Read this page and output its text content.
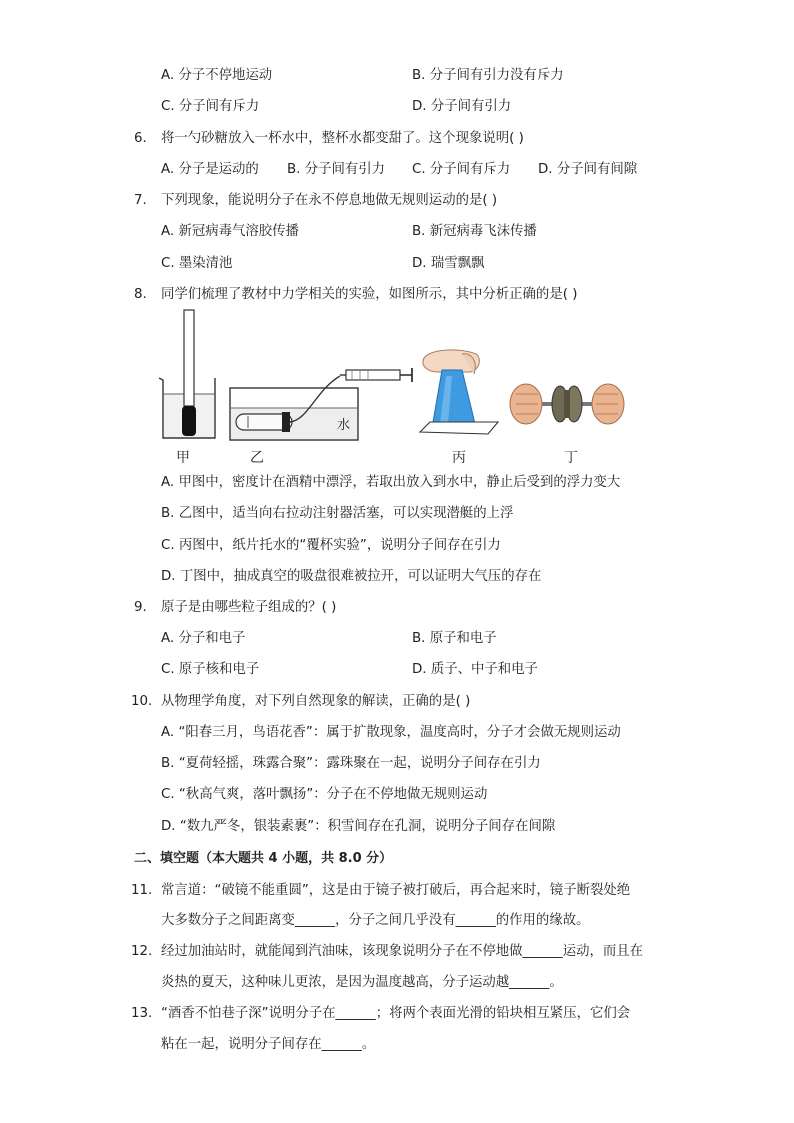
A. 分子不停地运动	B. 分子间有引力没有斥力
C. 分子间有斥力	D. 分子间有引力
6. 将一勺砂糖放入一杯水中，整杯水都变甜了。这个现象说明( )
A. 分子是运动的 B. 分子间有引力 C. 分子间有斥力 D. 分子间有间隙
7. 下列现象，能说明分子在永不停息地做无规则运动的是( )
A. 新冠病毒气溶胶传播	B. 新冠病毒飞沫传播
C. 墨染清池	D. 瑞雪飘飘
8. 同学们梳理了教材中力学相关的实验，如图所示，其中分析正确的是( )
甲
水
乙	丙	丁
A. 甲图中，密度计在酒精中漂浮，若取出放入到水中，静止后受到的浮力变大
B. 乙图中，适当向右拉动注射器活塞，可以实现潜艇的上浮
C. 丙图中，纸片托水的“覆杯实验”，说明分子间存在引力
D. 丁图中，抽成真空的吸盘很难被拉开，可以证明大气压的存在
9. 原子是由哪些粒子组成的？( )
A. 分子和电子	B. 原子和电子
C. 原子核和电子	D. 质子、中子和电子
10. 从物理学角度，对下列自然现象的解读，正确的是( )
A. “阳春三月，鸟语花香”：属于扩散现象，温度高时，分子才会做无规则运动
B. “夏荷轻摇，珠露合聚”：露珠聚在一起，说明分子间存在引力
C. “秋高气爽，落叶飘扬”：分子在不停地做无规则运动
D. “数九严冬，银装素裹”：积雪间存在孔洞，说明分子间存在间隙
二、填空题（本大题共 4 小题，共 8.0 分）
11. 常言道：“破镜不能重圆”，这是由于镜子被打破后，再合起来时，镜子断裂处绝
大多数分子之间距离变______，分子之间几乎没有______的作用的缘故。
12. 经过加油站时，就能闻到汽油味，该现象说明分子在不停地做______运动，而且在
炎热的夏天，这种味儿更浓，是因为温度越高，分子运动越______。
13. “酒香不怕巷子深”说明分子在______；将两个表面光滑的铅块相互紧压，它们会
粘在一起，说明分子间存在______。
